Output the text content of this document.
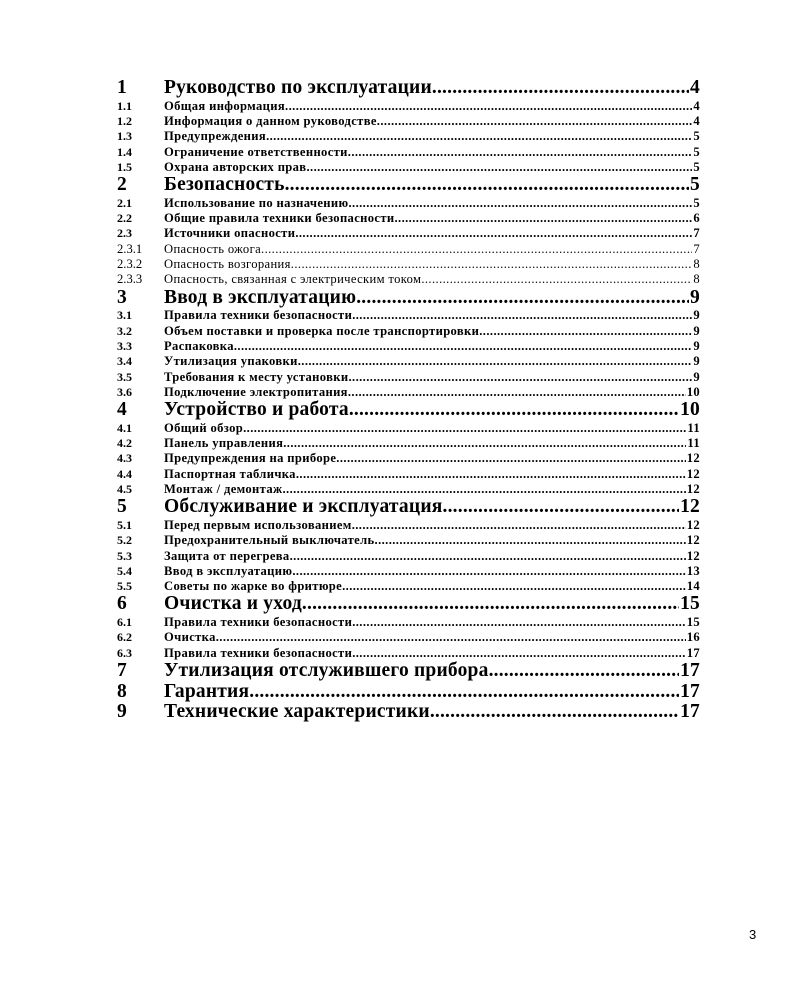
1	Руководство по эксплуатации .....	4
1.1	Общая информация .....	4
1.2	Информация о данном руководстве .....	4
1.3	Предупреждения .....	5
1.4	Ограничение ответственности .....	5
1.5	Охрана авторских прав .....	5
2	Безопасность .....	5
2.1	Использование по назначению .....	5
2.2	Общие правила техники безопасности .....	6
2.3	Источники опасности .....	7
2.3.1	Опасность ожога .....	7
2.3.2	Опасность возгорания .....	8
2.3.3	Опасность, связанная с электрическим током .....	8
3	Ввод в эксплуатацию .....	9
3.1	Правила техники безопасности .....	9
3.2	Объем поставки и проверка после транспортировки .....	9
3.3	Распаковка .....	9
3.4	Утилизация упаковки .....	9
3.5	Требования к месту установки .....	9
3.6	Подключение электропитания .....	10
4	Устройство и работа .....	10
4.1	Общий обзор .....	11
4.2	Панель управления .....	11
4.3	Предупреждения на приборе .....	12
4.4	Паспортная табличка .....	12
4.5	Монтаж / демонтаж .....	12
5	Обслуживание и эксплуатация .....	12
5.1	Перед первым использованием .....	12
5.2	Предохранительный выключатель .....	12
5.3	Защита от перегрева .....	12
5.4	Ввод в эксплуатацию .....	13
5.5	Советы по жарке во фритюре .....	14
6	Очистка и уход .....	15
6.1	Правила техники безопасности .....	15
6.2	Очистка .....	16
6.3	Правила техники безопасности .....	17
7	Утилизация отслужившего прибора .....	17
8	Гарантия .....	17
9	Технические характеристики .....	17
3
